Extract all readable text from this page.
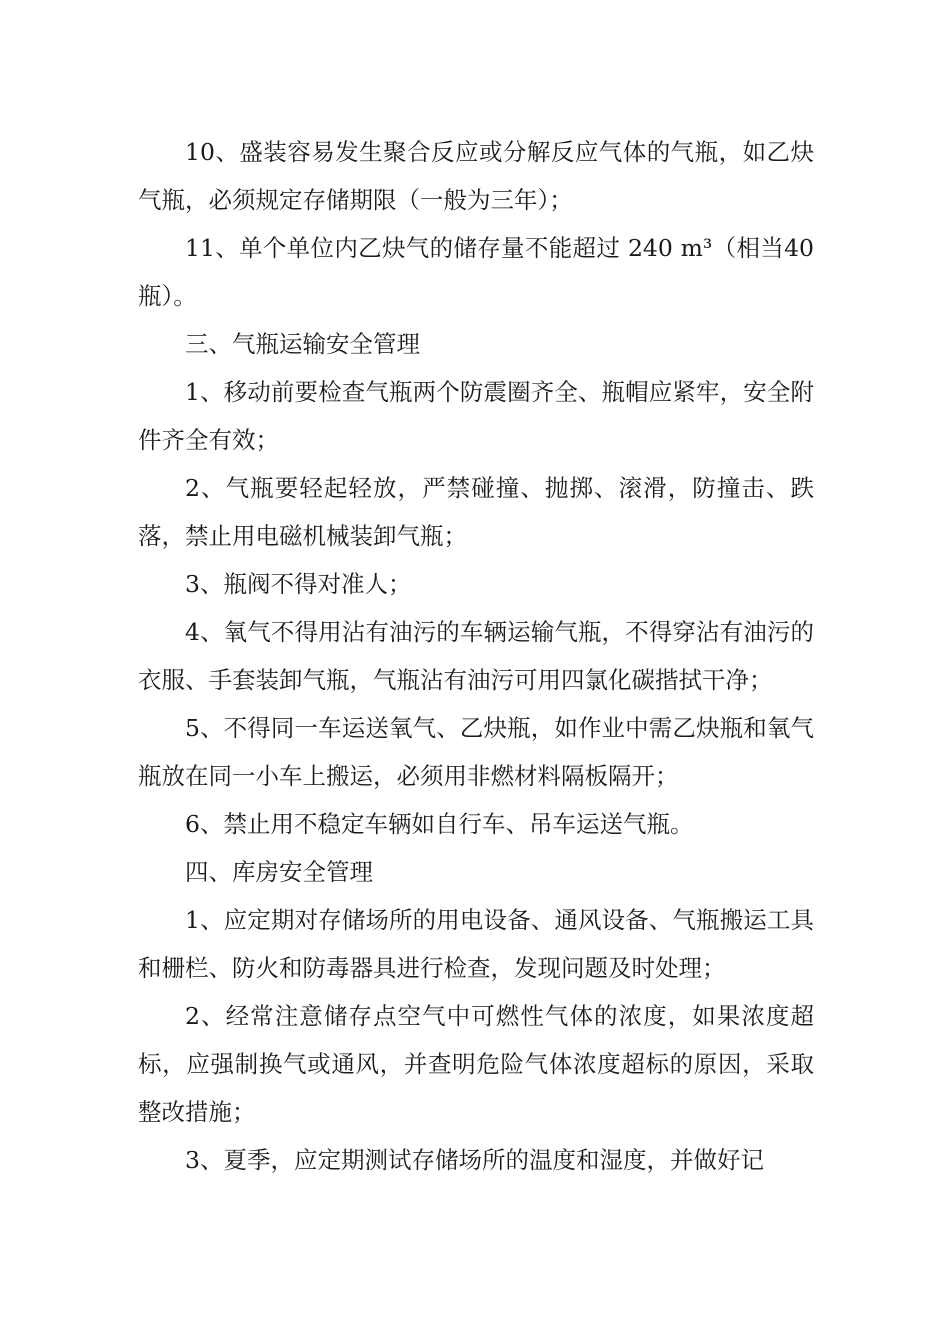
10、盛装容易发生聚合反应或分解反应气体的气瓶，如乙炔气瓶，必须规定存储期限（一般为三年）；

11、单个单位内乙炔气的储存量不能超过 240 m³（相当40瓶）。

三、气瓶运输安全管理

1、移动前要检查气瓶两个防震圈齐全、瓶帽应紧牢，安全附件齐全有效；

2、气瓶要轻起轻放，严禁碰撞、抛掷、滚滑，防撞击、跌落，禁止用电磁机械装卸气瓶；

3、瓶阀不得对准人；

4、氧气不得用沾有油污的车辆运输气瓶，不得穿沾有油污的衣服、手套装卸气瓶，气瓶沾有油污可用四氯化碳揩拭干净；

5、不得同一车运送氧气、乙炔瓶，如作业中需乙炔瓶和氧气瓶放在同一小车上搬运，必须用非燃材料隔板隔开；

6、禁止用不稳定车辆如自行车、吊车运送气瓶。

四、库房安全管理

1、应定期对存储场所的用电设备、通风设备、气瓶搬运工具和栅栏、防火和防毒器具进行检查，发现问题及时处理；

2、经常注意储存点空气中可燃性气体的浓度，如果浓度超标，应强制换气或通风，并查明危险气体浓度超标的原因，采取整改措施；

3、夏季，应定期测试存储场所的温度和湿度，并做好记
